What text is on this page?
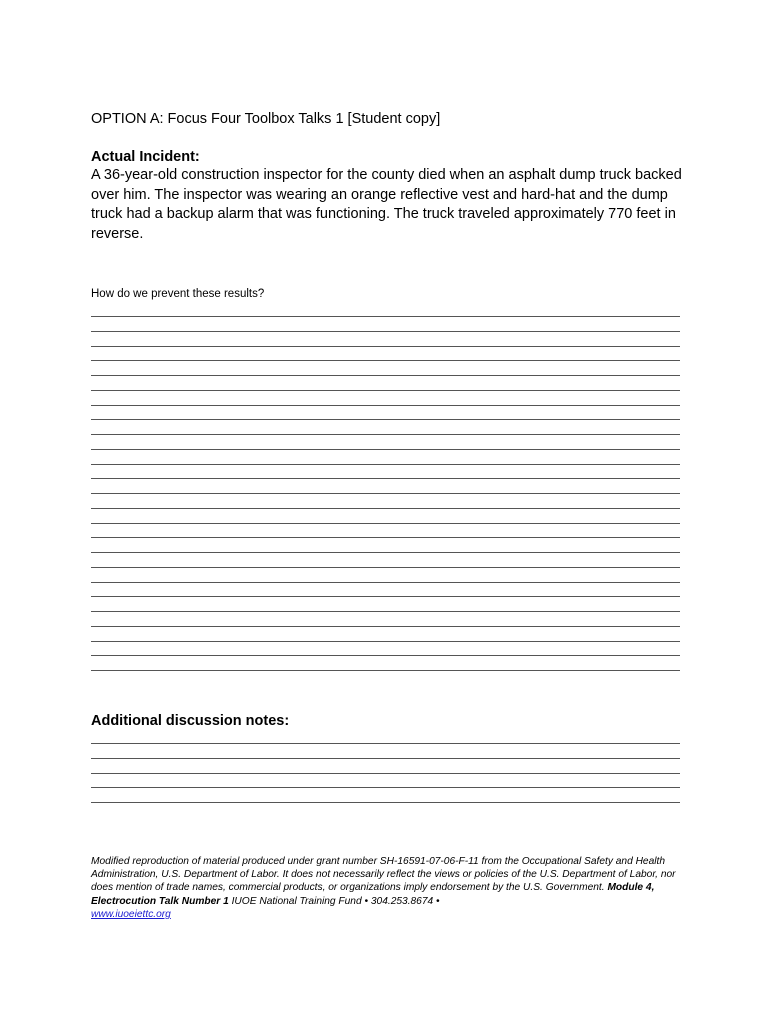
OPTION A: Focus Four Toolbox Talks 1 [Student copy]
Actual Incident:
A 36-year-old construction inspector for the county died when an asphalt dump truck backed over him. The inspector was wearing an orange reflective vest and hard-hat and the dump truck had a backup alarm that was functioning. The truck traveled approximately 770 feet in reverse.
How do we prevent these results?
Additional discussion notes:
Modified reproduction of material produced under grant number SH-16591-07-06-F-11 from the Occupational Safety and Health Administration, U.S. Department of Labor. It does not necessarily reflect the views or policies of the U.S. Department of Labor, nor does mention of trade names, commercial products, or organizations imply endorsement by the U.S. Government. Module 4, Electrocution Talk Number 1 IUOE National Training Fund • 304.253.8674 •
www.iuoeiettc.org
